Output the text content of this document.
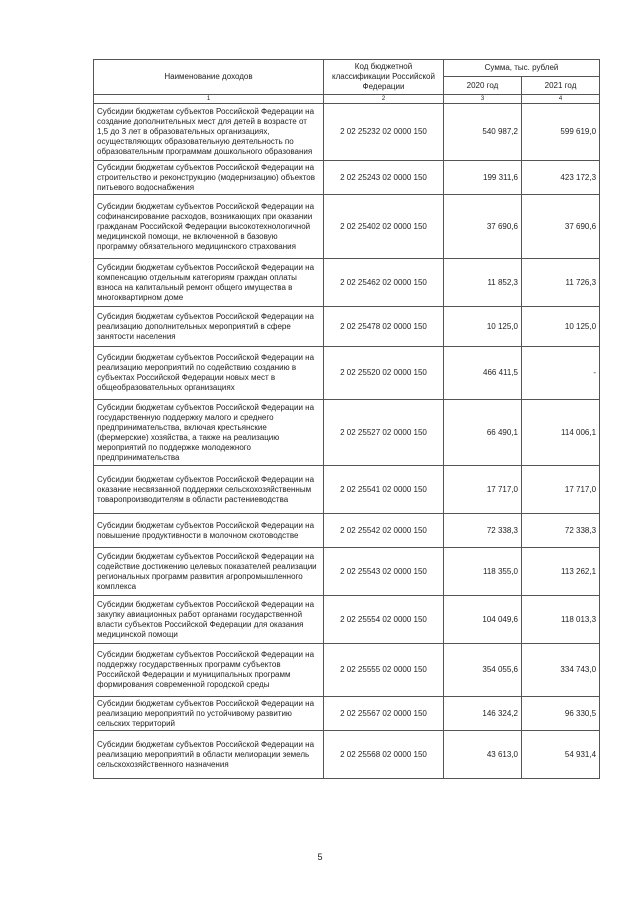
Наименование доходов	Код бюджетной классификации Российской Федерации	Сумма, тыс. рублей	
		2020 год	2021 год
1	2	3	4

Субсидии бюджетам субъектов Российской Федерации на создание дополнительных мест для детей в возрасте от 1,5 до 3 лет в образовательных организациях, осуществляющих образовательную деятельность по образовательным программам дошкольного образования	2 02 25232 02 0000 150	540 987,2	599 619,0

Субсидии бюджетам субъектов Российской Федерации на строительство и реконструкцию (модернизацию) объектов питьевого водоснабжения	2 02 25243 02 0000 150	199 311,6	423 172,3

Субсидии бюджетам субъектов Российской Федерации на софинансирование расходов, возникающих при оказании гражданам Российской Федерации высокотехнологичной медицинской помощи, не включенной в базовую программу обязательного медицинского страхования	2 02 25402 02 0000 150	37 690,6	37 690,6

Субсидии бюджетам субъектов Российской Федерации на компенсацию отдельным категориям граждан оплаты взноса на капитальный ремонт общего имущества в многоквартирном доме	2 02 25462 02 0000 150	11 852,3	11 726,3

Субсидия бюджетам субъектов Российской Федерации на реализацию дополнительных мероприятий в сфере занятости населения	2 02 25478 02 0000 150	10 125,0	10 125,0

Субсидии бюджетам субъектов Российской Федерации на реализацию мероприятий по содействию созданию в субъектах Российской Федерации новых мест в общеобразовательных организациях	2 02 25520 02 0000 150	466 411,5	-

Субсидии бюджетам субъектов Российской Федерации на государственную поддержку малого и среднего предпринимательства, включая крестьянские (фермерские) хозяйства, а также на реализацию мероприятий по поддержке молодежного предпринимательства	2 02 25527 02 0000 150	66 490,1	114 006,1

Субсидии бюджетам субъектов Российской Федерации на оказание несвязанной поддержки сельскохозяйственным товаропроизводителям в области растениеводства	2 02 25541 02 0000 150	17 717,0	17 717,0

Субсидии бюджетам субъектов Российской Федерации на повышение продуктивности в молочном скотоводстве	2 02 25542 02 0000 150	72 338,3	72 338,3

Субсидии бюджетам субъектов Российской Федерации на содействие достижению целевых показателей реализации региональных программ развития агропромышленного комплекса	2 02 25543 02 0000 150	118 355,0	113 262,1

Субсидии бюджетам субъектов Российской Федерации на закупку авиационных работ органами государственной власти субъектов Российской Федерации для оказания медицинской помощи	2 02 25554 02 0000 150	104 049,6	118 013,3

Субсидии бюджетам субъектов Российской Федерации на поддержку государственных программ субъектов Российской Федерации и муниципальных программ формирования современной городской среды	2 02 25555 02 0000 150	354 055,6	334 743,0

Субсидии бюджетам субъектов Российской Федерации на реализацию мероприятий по устойчивому развитию сельских территорий	2 02 25567 02 0000 150	146 324,2	96 330,5

Субсидии бюджетам субъектов Российской Федерации на реализацию мероприятий в области мелиорации земель сельскохозяйственного назначения	2 02 25568 02 0000 150	43 613,0	54 931,4
5
